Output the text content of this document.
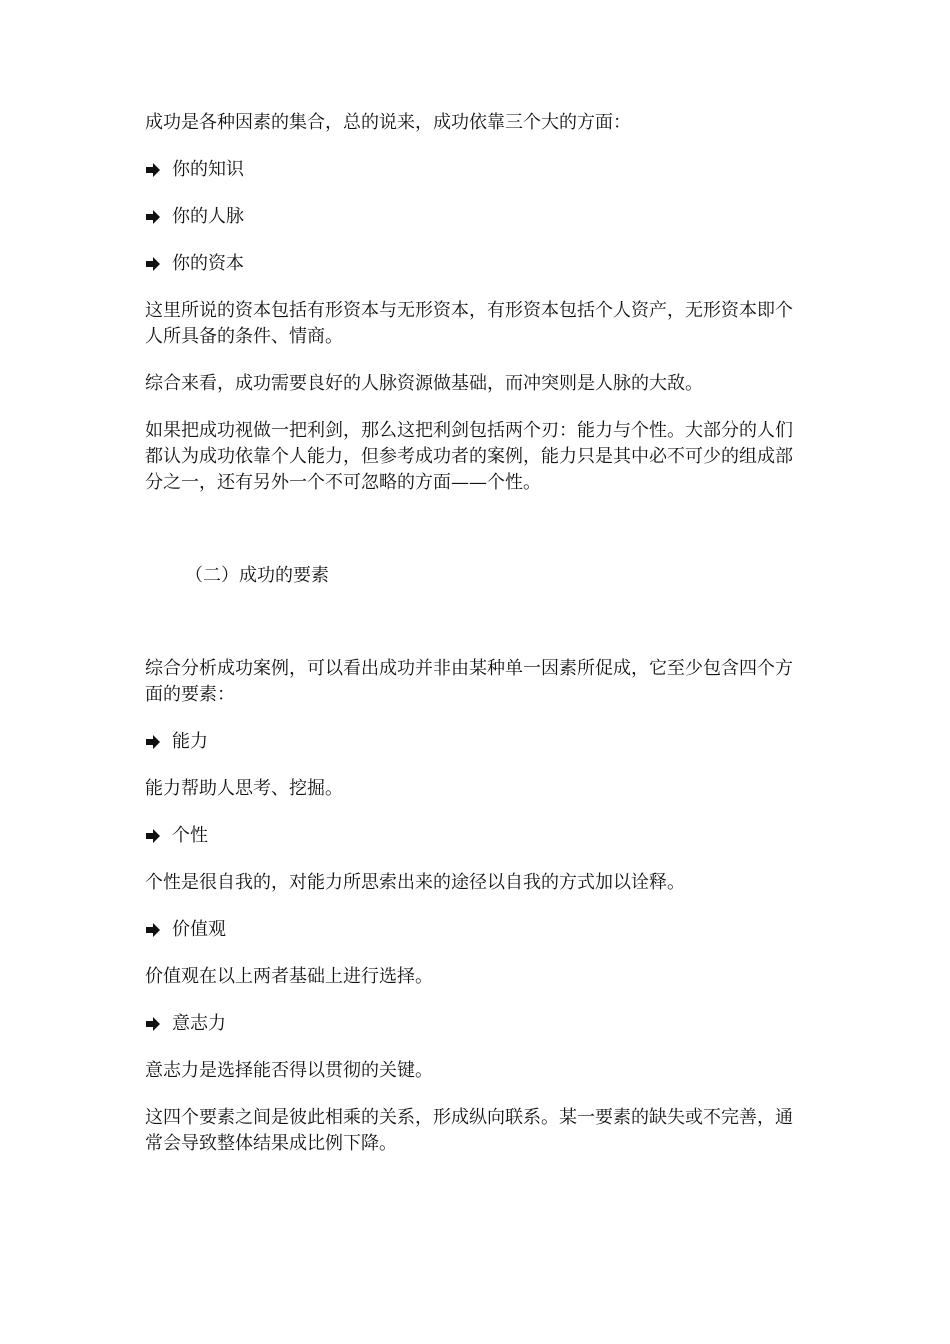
成功是各种因素的集合，总的说来，成功依靠三个大的方面：

你的知识
你的人脉
你的资本

这里所说的资本包括有形资本与无形资本，有形资本包括个人资产，无形资本即个人所具备的条件、情商。

综合来看，成功需要良好的人脉资源做基础，而冲突则是人脉的大敌。

如果把成功视做一把利剑，那么这把利剑包括两个刃：能力与个性。大部分的人们都认为成功依靠个人能力，但参考成功者的案例，能力只是其中必不可少的组成部分之一，还有另外一个不可忽略的方面——个性。

（二）成功的要素

综合分析成功案例，可以看出成功并非由某种单一因素所促成，它至少包含四个方面的要素：

能力

能力帮助人思考、挖掘。

个性

个性是很自我的，对能力所思索出来的途径以自我的方式加以诠释。

价值观

价值观在以上两者基础上进行选择。

意志力

意志力是选择能否得以贯彻的关键。

这四个要素之间是彼此相乘的关系，形成纵向联系。某一要素的缺失或不完善，通常会导致整体结果成比例下降。
